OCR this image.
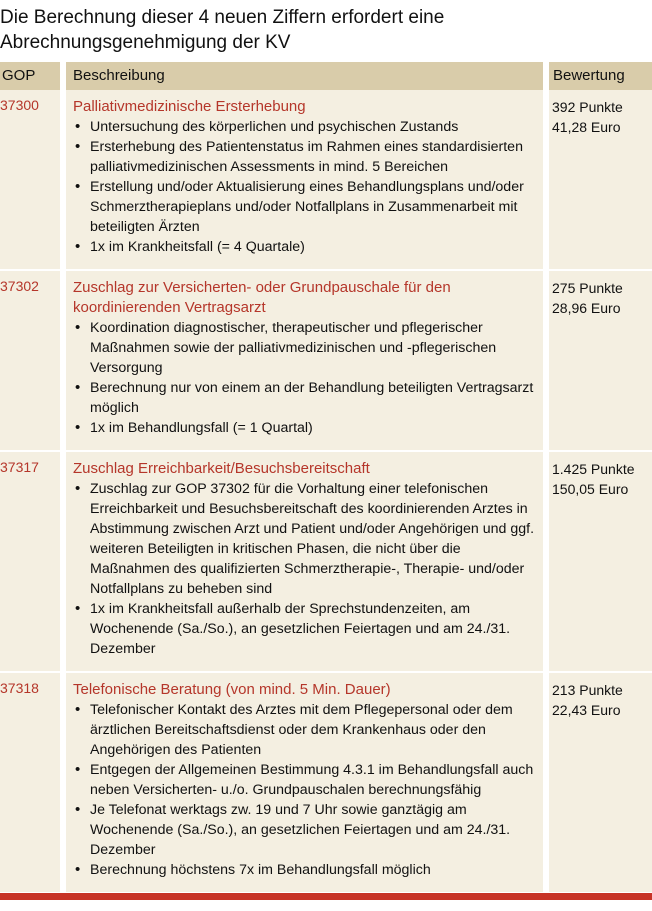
Die Berechnung dieser 4 neuen Ziffern erfordert eine Abrechnungsgenehmigung der KV
GOP	Beschreibung	Bewertung
37300 Palliativmedizinische Ersterhebung
• Untersuchung des körperlichen und psychischen Zustands
• Ersterhebung des Patientenstatus im Rahmen eines standardisierten palliativmedizinischen Assessments in mind. 5 Bereichen
• Erstellung und/oder Aktualisierung eines Behandlungsplans und/oder Schmerztherapieplans und/oder Notfallplans in Zusammenarbeit mit beteiligten Ärzten
• 1x im Krankheitsfall (= 4 Quartale)
392 Punkte
41,28 Euro
37302 Zuschlag zur Versicherten- oder Grundpauschale für den koordinierenden Vertragsarzt
• Koordination diagnostischer, therapeutischer und pflegerischer Maßnahmen sowie der palliativmedizinischen und -pflegerischen Versorgung
• Berechnung nur von einem an der Behandlung beteiligten Vertragsarzt möglich
• 1x im Behandlungsfall (= 1 Quartal)
275 Punkte
28,96 Euro
37317 Zuschlag Erreichbarkeit/Besuchsbereitschaft
• Zuschlag zur GOP 37302 für die Vorhaltung einer telefonischen Erreichbarkeit und Besuchsbereitschaft des koordinierenden Arztes in Abstimmung zwischen Arzt und Patient und/oder Angehörigen und ggf. weiteren Beteiligten in kritischen Phasen, die nicht über die Maßnahmen des qualifizierten Schmerztherapie-, Therapie- und/oder Notfallplans zu beheben sind
• 1x im Krankheitsfall außerhalb der Sprechstundenzeiten, am Wochenende (Sa./So.), an gesetzlichen Feiertagen und am 24./31. Dezember
1.425 Punkte
150,05 Euro
37318 Telefonische Beratung (von mind. 5 Min. Dauer)
• Telefonischer Kontakt des Arztes mit dem Pflegepersonal oder dem ärztlichen Bereitschaftsdienst oder dem Krankenhaus oder den Angehörigen des Patienten
• Entgegen der Allgemeinen Bestimmung 4.3.1 im Behandlungsfall auch neben Versicherten- u./o. Grundpauschalen berechnungsfähig
• Je Telefonat werktags zw. 19 und 7 Uhr sowie ganztägig am Wochenende (Sa./So.), an gesetzlichen Feiertagen und am 24./31. Dezember
• Berechnung höchstens 7x im Behandlungsfall möglich
213 Punkte
22,43 Euro
